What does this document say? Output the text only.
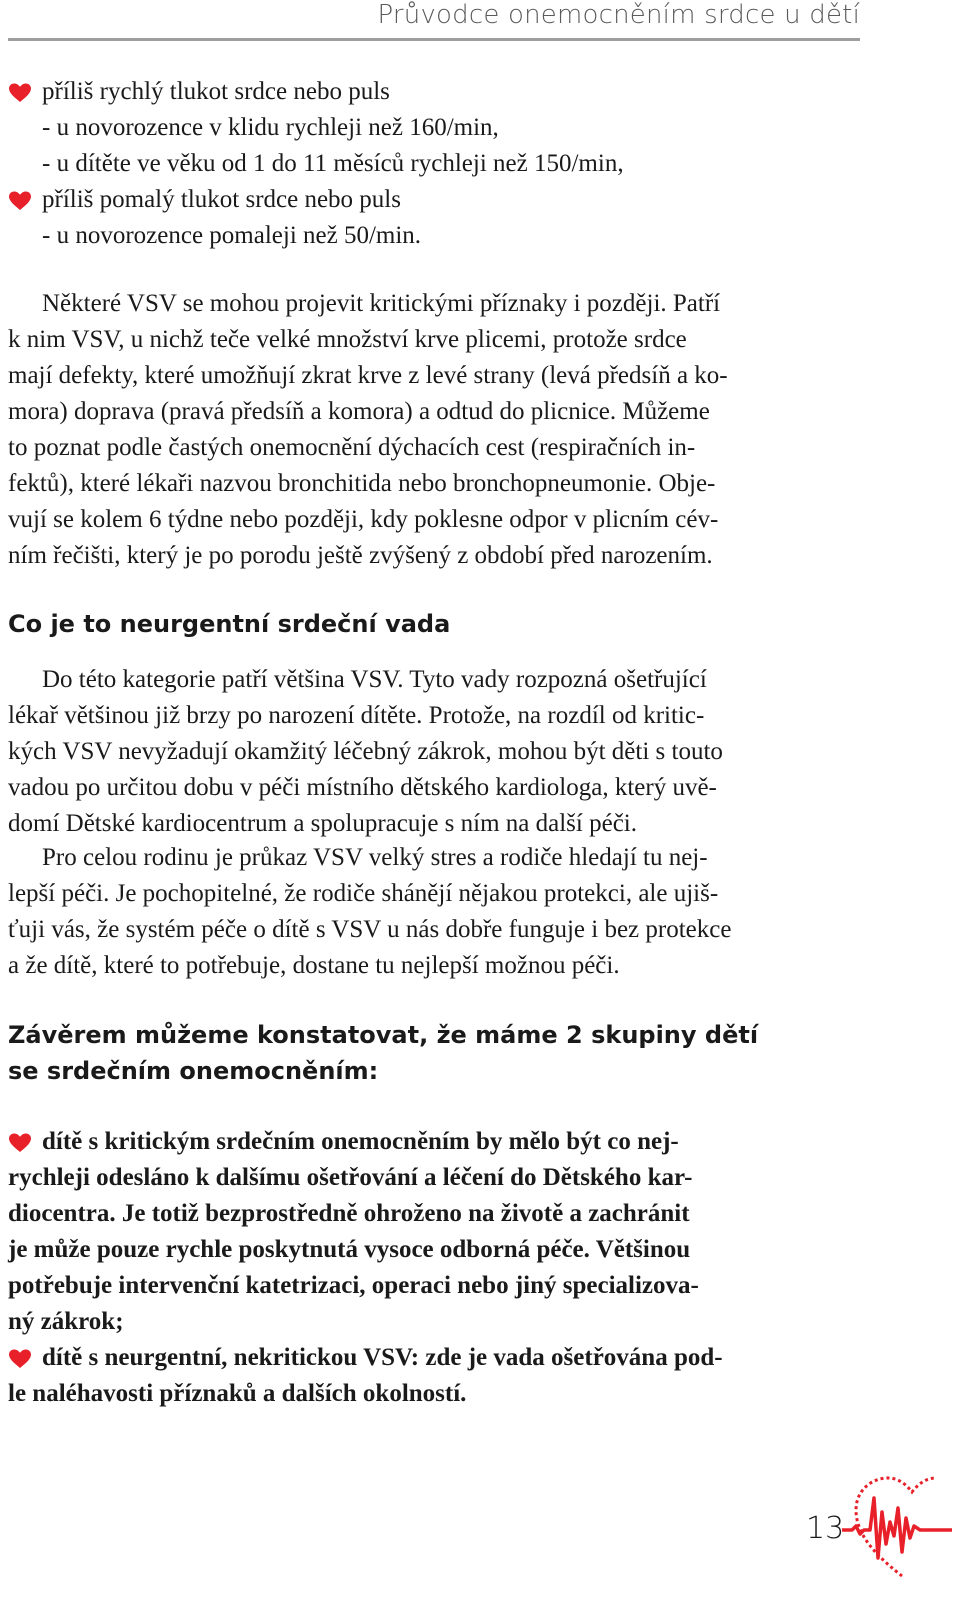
Průvodce onemocněním srdce u dětí
příliš rychlý tlukot srdce nebo puls
- u novorozence v klidu rychleji než 160/min,
- u dítěte ve věku od 1 do 11 měsíců rychleji než 150/min,
příliš pomalý tlukot srdce nebo puls
- u novorozence pomaleji než 50/min.
Některé VSV se mohou projevit kritickými příznaky i později. Patří
k nim VSV, u nichž teče velké množství krve plicemi, protože srdce
mají defekty, které umožňují zkrat krve z levé strany (levá předsíň a ko-
mora) doprava (pravá předsíň a komora) a odtud do plicnice. Můžeme
to poznat podle častých onemocnění dýchacích cest (respiračních in-
fektů), které lékaři nazvou bronchitida nebo bronchopneumonie. Obje-
vují se kolem 6 týdne nebo později, kdy poklesne odpor v plicním cév-
ním řečišti, který je po porodu ještě zvýšený z období před narozením.
Co je to neurgentní srdeční vada
Do této kategorie patří většina VSV. Tyto vady rozpozná ošetřující
lékař většinou již brzy po narození dítěte. Protože, na rozdíl od kritic-
kých VSV nevyžadují okamžitý léčebný zákrok, mohou být děti s touto
vadou po určitou dobu v péči místního dětského kardiologa, který uvě-
domí Dětské kardiocentrum a spolupracuje s ním na další péči.
Pro celou rodinu je průkaz VSV velký stres a rodiče hledají tu nej-
lepší péči. Je pochopitelné, že rodiče shánějí nějakou protekci, ale ujiš-
ťuji vás, že systém péče o dítě s VSV u nás dobře funguje i bez protekce
a že dítě, které to potřebuje, dostane tu nejlepší možnou péči.
Závěrem můžeme konstatovat, že máme 2 skupiny dětí
se srdečním onemocněním:
dítě s kritickým srdečním onemocněním by mělo být co nej-
rychleji odesláno k dalšímu ošetřování a léčení do Dětského kar-
diocentra. Je totiž bezprostředně ohroženo na životě a zachránit
je může pouze rychle poskytnutá vysoce odborná péče. Většinou
potřebuje intervenční katetrizaci, operaci nebo jiný specializova-
ný zákrok;
dítě s neurgentní, nekritickou VSV: zde je vada ošetřována pod-
le naléhavosti příznaků a dalších okolností.
13
